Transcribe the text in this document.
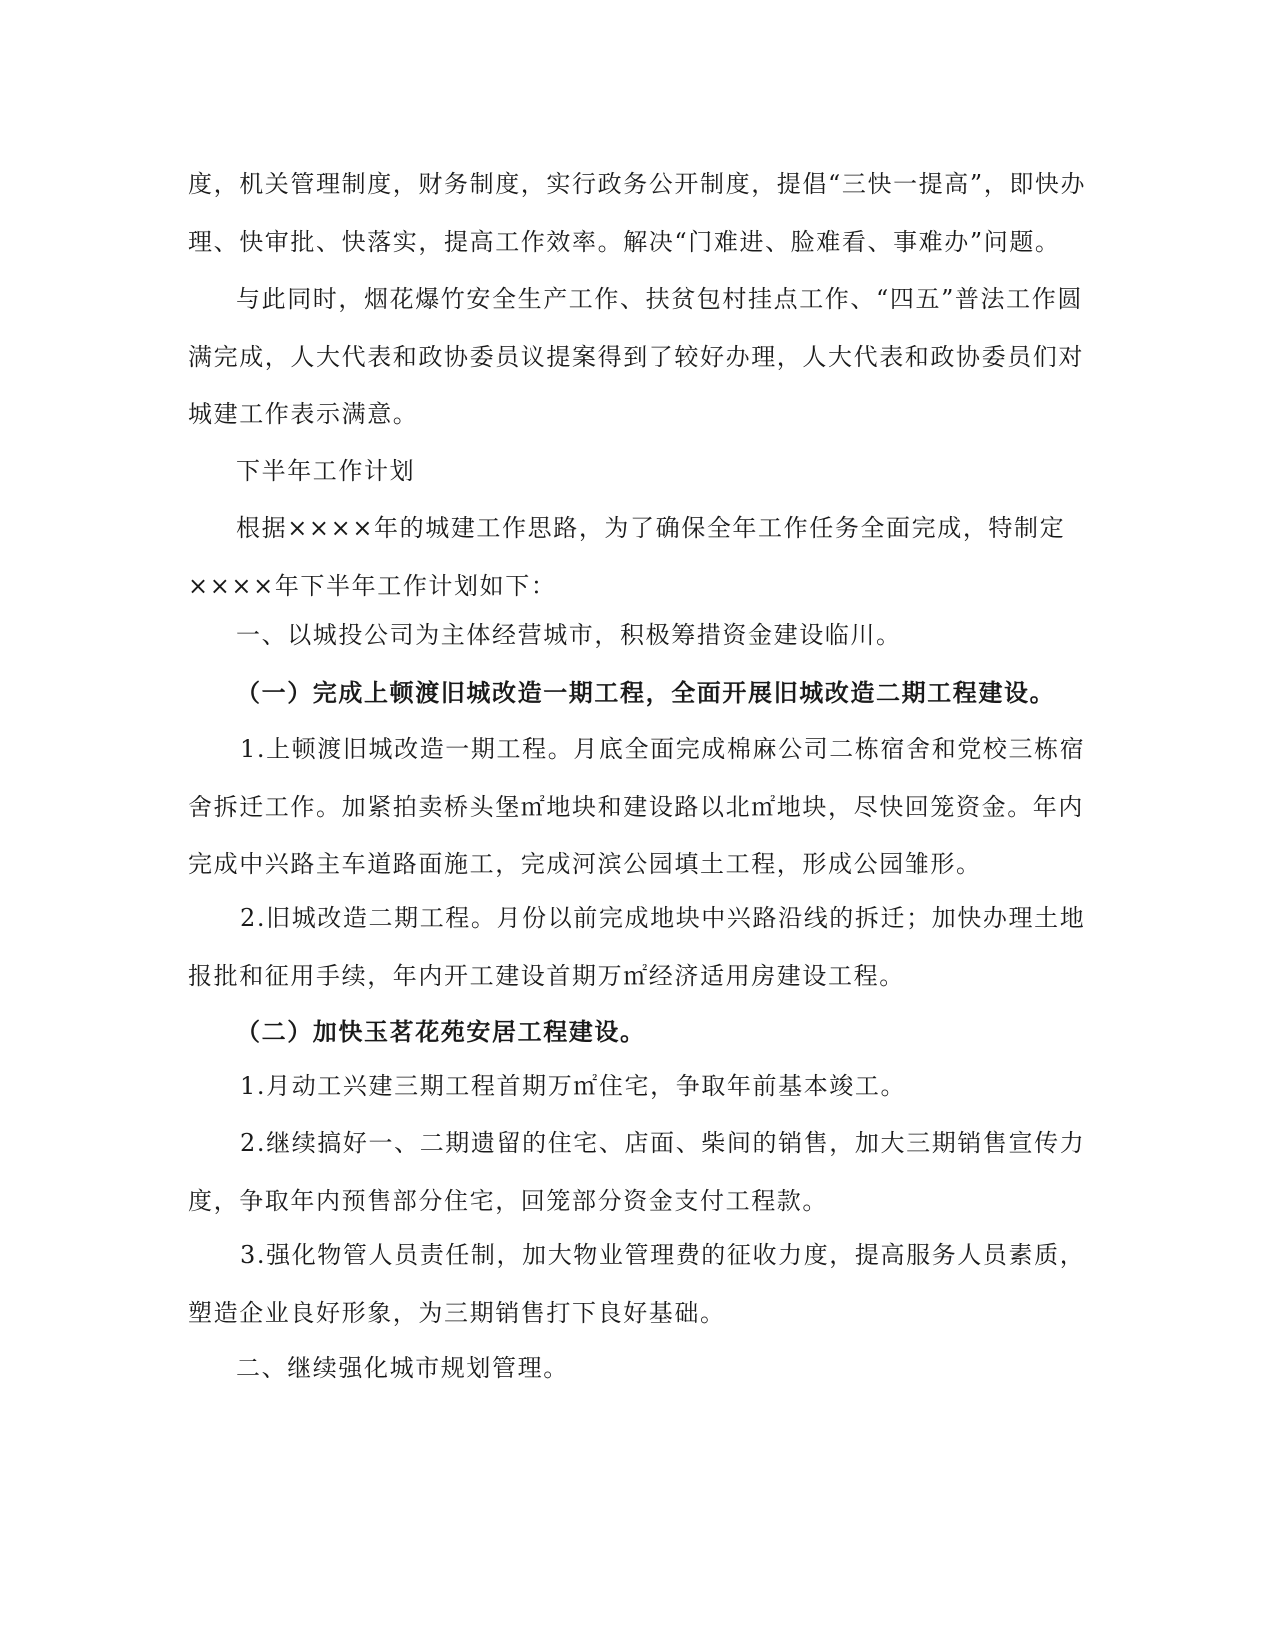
度，机关管理制度，财务制度，实行政务公开制度，提倡“三快一提高”，即快办理、快审批、快落实，提高工作效率。解决“门难进、脸难看、事难办”问题。

与此同时，烟花爆竹安全生产工作、扶贫包村挂点工作、“四五”普法工作圆满完成，人大代表和政协委员议提案得到了较好办理，人大代表和政协委员们对城建工作表示满意。

下半年工作计划

根据××××年的城建工作思路，为了确保全年工作任务全面完成，特制定××××年下半年工作计划如下：

一、以城投公司为主体经营城市，积极筹措资金建设临川。

（一）完成上顿渡旧城改造一期工程，全面开展旧城改造二期工程建设。

1.上顿渡旧城改造一期工程。月底全面完成棉麻公司二栋宿舍和党校三栋宿舍拆迁工作。加紧拍卖桥头堡㎡地块和建设路以北㎡地块，尽快回笼资金。年内完成中兴路主车道路面施工，完成河滨公园填土工程，形成公园雏形。

2.旧城改造二期工程。月份以前完成地块中兴路沿线的拆迁；加快办理土地报批和征用手续，年内开工建设首期万㎡经济适用房建设工程。

（二）加快玉茗花苑安居工程建设。

1.月动工兴建三期工程首期万㎡住宅，争取年前基本竣工。

2.继续搞好一、二期遗留的住宅、店面、柴间的销售，加大三期销售宣传力度，争取年内预售部分住宅，回笼部分资金支付工程款。

3.强化物管人员责任制，加大物业管理费的征收力度，提高服务人员素质，塑造企业良好形象，为三期销售打下良好基础。

二、继续强化城市规划管理。
